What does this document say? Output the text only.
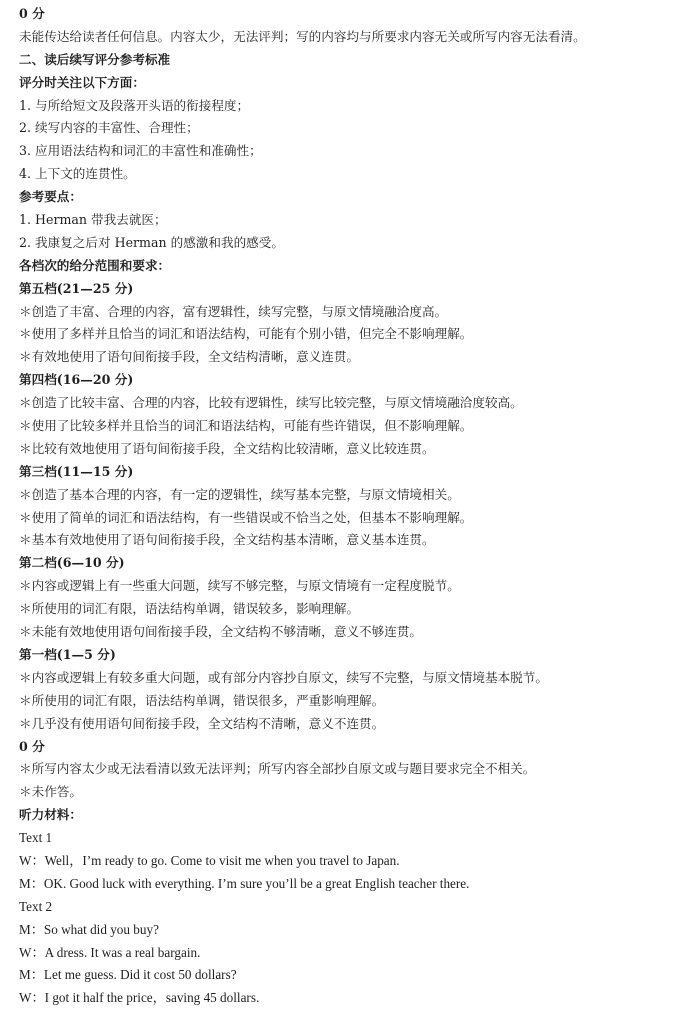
0 分
未能传达给读者任何信息。内容太少，无法评判；写的内容均与所要求内容无关或所写内容无法看清。
二、读后续写评分参考标准
评分时关注以下方面：
1. 与所给短文及段落开头语的衔接程度；
2. 续写内容的丰富性、合理性；
3. 应用语法结构和词汇的丰富性和准确性；
4. 上下文的连贯性。
参考要点：
1. Herman 带我去就医；
2. 我康复之后对 Herman 的感激和我的感受。
各档次的给分范围和要求：
第五档(21—25 分)
＊创造了丰富、合理的内容，富有逻辑性，续写完整，与原文情境融洽度高。
＊使用了多样并且恰当的词汇和语法结构，可能有个别小错，但完全不影响理解。
＊有效地使用了语句间衔接手段，全文结构清晰，意义连贯。
第四档(16—20 分)
＊创造了比较丰富、合理的内容，比较有逻辑性，续写比较完整，与原文情境融洽度较高。
＊使用了比较多样并且恰当的词汇和语法结构，可能有些许错误，但不影响理解。
＊比较有效地使用了语句间衔接手段，全文结构比较清晰，意义比较连贯。
第三档(11—15 分)
＊创造了基本合理的内容，有一定的逻辑性，续写基本完整，与原文情境相关。
＊使用了简单的词汇和语法结构，有一些错误或不恰当之处，但基本不影响理解。
＊基本有效地使用了语句间衔接手段，全文结构基本清晰，意义基本连贯。
第二档(6—10 分)
＊内容或逻辑上有一些重大问题，续写不够完整，与原文情境有一定程度脱节。
＊所使用的词汇有限，语法结构单调，错误较多，影响理解。
＊未能有效地使用语句间衔接手段，全文结构不够清晰，意义不够连贯。
第一档(1—5 分)
＊内容或逻辑上有较多重大问题，或有部分内容抄自原文，续写不完整，与原文情境基本脱节。
＊所使用的词汇有限，语法结构单调，错误很多，严重影响理解。
＊几乎没有使用语句间衔接手段，全文结构不清晰，意义不连贯。
0 分
＊所写内容太少或无法看清以致无法评判；所写内容全部抄自原文或与题目要求完全不相关。
＊未作答。
听力材料：
Text 1
W：Well，I’m ready to go. Come to visit me when you travel to Japan.
M：OK. Good luck with everything. I’m sure you’ll be a great English teacher there.
Text 2
M：So what did you buy?
W：A dress. It was a real bargain.
M：Let me guess. Did it cost 50 dollars?
W：I got it half the price，saving 45 dollars.
